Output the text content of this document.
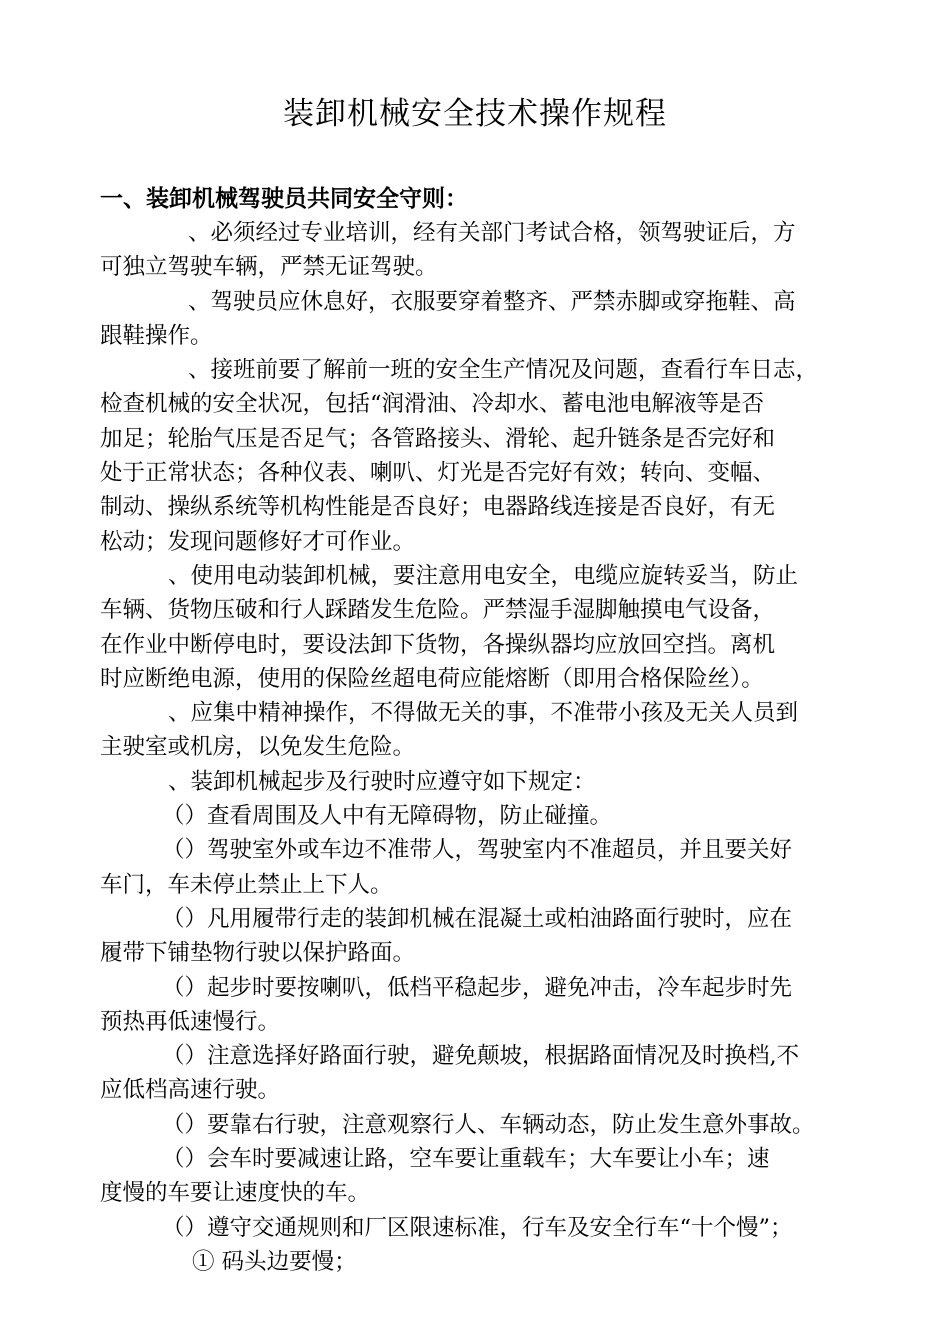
装卸机械安全技术操作规程
一、装卸机械驾驶员共同安全守则：
、必须经过专业培训，经有关部门考试合格，领驾驶证后，方
可独立驾驶车辆，严禁无证驾驶。
、驾驶员应休息好，衣服要穿着整齐、严禁赤脚或穿拖鞋、高
跟鞋操作。
、接班前要了解前一班的安全生产情况及问题，查看行车日志，
检查机械的安全状况，包括“润滑油、冷却水、蓄电池电解液等是否
加足；轮胎气压是否足气；各管路接头、滑轮、起升链条是否完好和
处于正常状态；各种仪表、喇叭、灯光是否完好有效；转向、变幅、
制动、操纵系统等机构性能是否良好；电器路线连接是否良好，有无
松动；发现问题修好才可作业。
、使用电动装卸机械，要注意用电安全，电缆应旋转妥当，防止
车辆、货物压破和行人踩踏发生危险。严禁湿手湿脚触摸电气设备，
在作业中断停电时，要设法卸下货物，各操纵器均应放回空挡。离机
时应断绝电源，使用的保险丝超电荷应能熔断（即用合格保险丝）。
、应集中精神操作，不得做无关的事，不准带小孩及无关人员到
主驶室或机房，以免发生危险。
、装卸机械起步及行驶时应遵守如下规定：
（）查看周围及人中有无障碍物，防止碰撞。
（）驾驶室外或车边不准带人，驾驶室内不准超员，并且要关好
车门，车未停止禁止上下人。
（）凡用履带行走的装卸机械在混凝土或柏油路面行驶时，应在
履带下铺垫物行驶以保护路面。
（）起步时要按喇叭，低档平稳起步，避免冲击，冷车起步时先
预热再低速慢行。
（）注意选择好路面行驶，避免颠坡，根据路面情况及时换档,不
应低档高速行驶。
（）要靠右行驶，注意观察行人、车辆动态，防止发生意外事故。
（）会车时要减速让路，空车要让重载车；大车要让小车；速
度慢的车要让速度快的车。
（）遵守交通规则和厂区限速标准，行车及安全行车“十个慢”；
① 码头边要慢；
